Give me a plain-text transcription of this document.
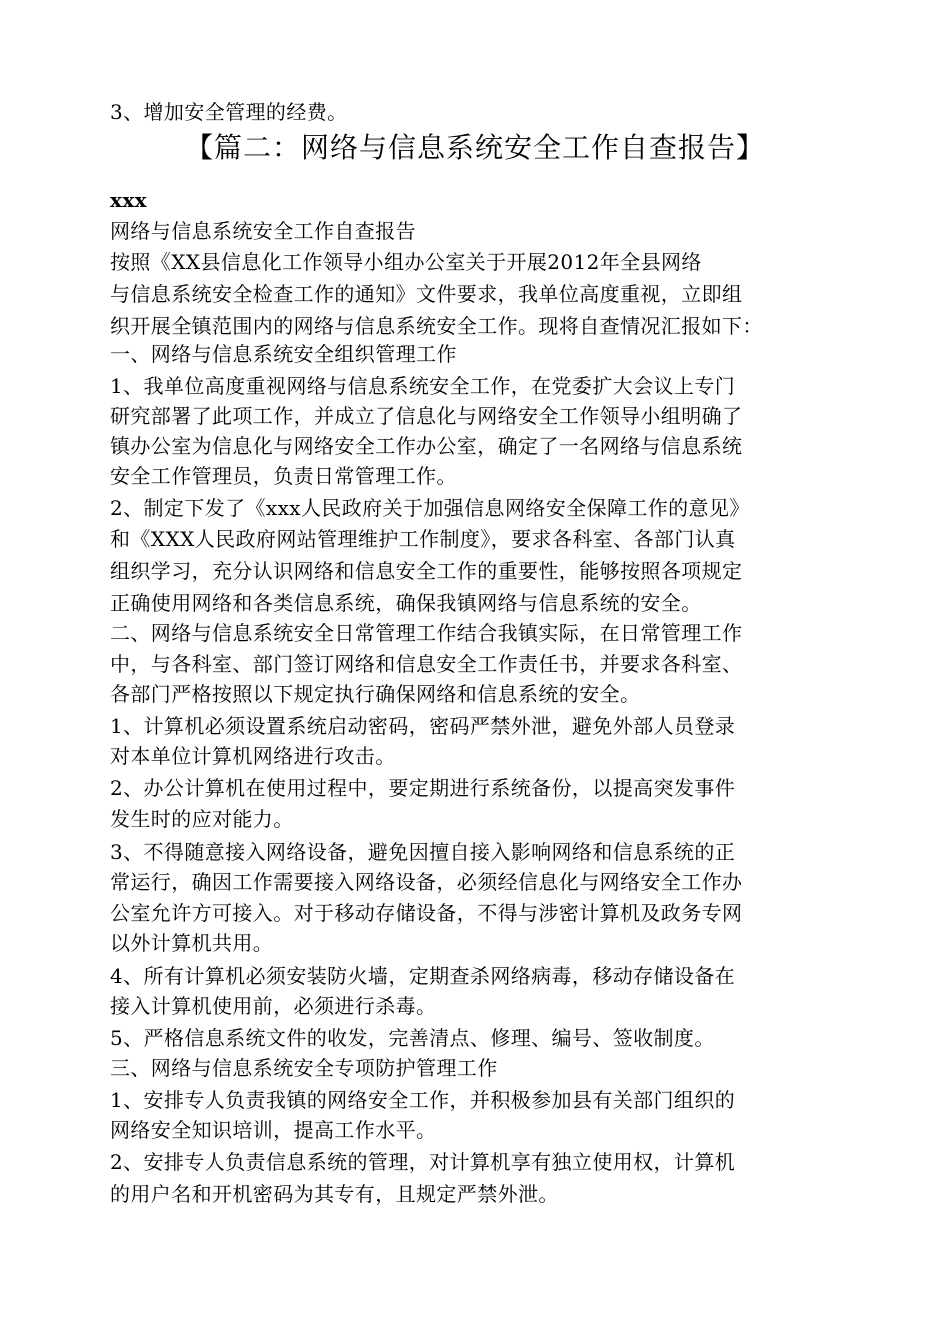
3、增加安全管理的经费。
【篇二：网络与信息系统安全工作自查报告】
xxx
网络与信息系统安全工作自查报告
按照《XX县信息化工作领导小组办公室关于开展2012年全县网络
与信息系统安全检查工作的通知》文件要求，我单位高度重视，立即组
织开展全镇范围内的网络与信息系统安全工作。现将自查情况汇报如下：
一、网络与信息系统安全组织管理工作
1、我单位高度重视网络与信息系统安全工作，在党委扩大会议上专门
研究部署了此项工作，并成立了信息化与网络安全工作领导小组明确了
镇办公室为信息化与网络安全工作办公室，确定了一名网络与信息系统
安全工作管理员，负责日常管理工作。
2、制定下发了《xxx人民政府关于加强信息网络安全保障工作的意见》
和《XXX人民政府网站管理维护工作制度》，要求各科室、各部门认真
组织学习，充分认识网络和信息安全工作的重要性，能够按照各项规定
正确使用网络和各类信息系统，确保我镇网络与信息系统的安全。
二、网络与信息系统安全日常管理工作结合我镇实际，在日常管理工作
中，与各科室、部门签订网络和信息安全工作责任书，并要求各科室、
各部门严格按照以下规定执行确保网络和信息系统的安全。
1、计算机必须设置系统启动密码，密码严禁外泄，避免外部人员登录
对本单位计算机网络进行攻击。
2、办公计算机在使用过程中，要定期进行系统备份，以提高突发事件
发生时的应对能力。
3、不得随意接入网络设备，避免因擅自接入影响网络和信息系统的正
常运行，确因工作需要接入网络设备，必须经信息化与网络安全工作办
公室允许方可接入。对于移动存储设备，不得与涉密计算机及政务专网
以外计算机共用。
4、所有计算机必须安装防火墙，定期查杀网络病毒，移动存储设备在
接入计算机使用前，必须进行杀毒。
5、严格信息系统文件的收发，完善清点、修理、编号、签收制度。
三、网络与信息系统安全专项防护管理工作
1、安排专人负责我镇的网络安全工作，并积极参加县有关部门组织的
网络安全知识培训，提高工作水平。
2、安排专人负责信息系统的管理，对计算机享有独立使用权，计算机
的用户名和开机密码为其专有，且规定严禁外泄。
